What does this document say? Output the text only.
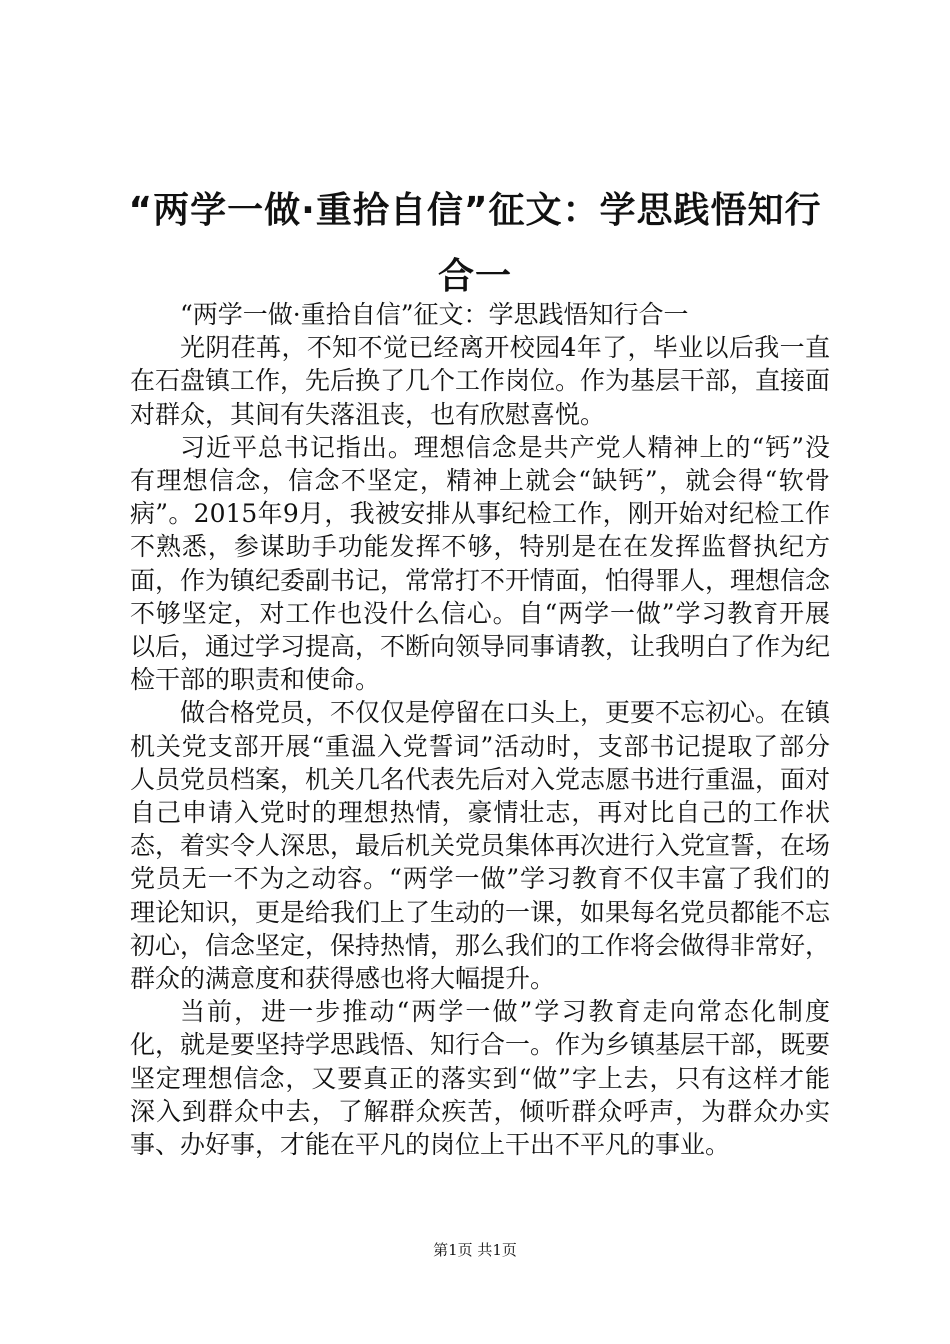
“两学一做·重拾自信”征文：学思践悟知行合一

“两学一做·重拾自信”征文：学思践悟知行合一

光阴荏苒，不知不觉已经离开校园4年了，毕业以后我一直在石盘镇工作，先后换了几个工作岗位。作为基层干部，直接面对群众，其间有失落沮丧，也有欣慰喜悦。

习近平总书记指出。理想信念是共产党人精神上的“钙”没有理想信念，信念不坚定，精神上就会“缺钙”，就会得“软骨病”。2015年9月，我被安排从事纪检工作，刚开始对纪检工作不熟悉，参谋助手功能发挥不够，特别是在在发挥监督执纪方面，作为镇纪委副书记，常常打不开情面，怕得罪人，理想信念不够坚定，对工作也没什么信心。自“两学一做”学习教育开展以后，通过学习提高，不断向领导同事请教，让我明白了作为纪检干部的职责和使命。

做合格党员，不仅仅是停留在口头上，更要不忘初心。在镇机关党支部开展“重温入党誓词”活动时，支部书记提取了部分人员党员档案，机关几名代表先后对入党志愿书进行重温，面对自己申请入党时的理想热情，豪情壮志，再对比自己的工作状态，着实令人深思，最后机关党员集体再次进行入党宣誓，在场党员无一不为之动容。“两学一做”学习教育不仅丰富了我们的理论知识，更是给我们上了生动的一课，如果每名党员都能不忘初心，信念坚定，保持热情，那么我们的工作将会做得非常好，群众的满意度和获得感也将大幅提升。

当前，进一步推动“两学一做”学习教育走向常态化制度化，就是要坚持学思践悟、知行合一。作为乡镇基层干部，既要坚定理想信念，又要真正的落实到“做”字上去，只有这样才能深入到群众中去，了解群众疾苦，倾听群众呼声，为群众办实事、办好事，才能在平凡的岗位上干出不平凡的事业。

第1页 共1页
